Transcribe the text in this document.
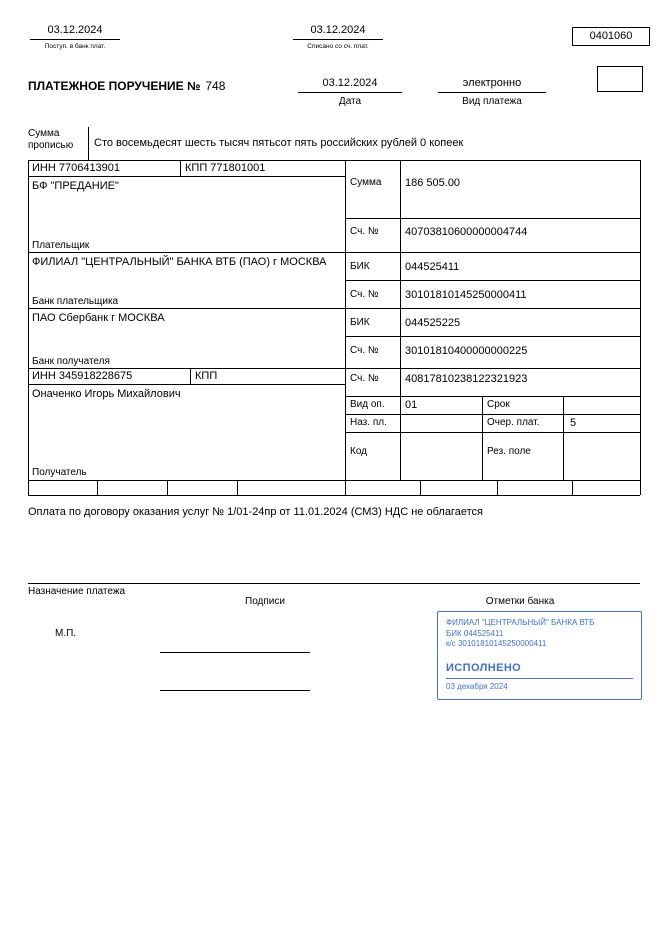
03.12.2024
Поступ. в банк плат.
03.12.2024
Списано со сч. плат.
0401060
ПЛАТЕЖНОЕ ПОРУЧЕНИЕ № 748	03.12.2024
Дата
электронно
Вид платежа
Сумма прописью	Сто восемьдесят шесть тысяч пятьсот пять российских рублей 0 копеек
ИНН 7706413901	КПП 771801001
БФ "ПРЕДАНИЕ"
Плательщик
Сумма 186 505.00
Сч. № 40703810600000004744
ФИЛИАЛ "ЦЕНТРАЛЬНЫЙ" БАНКА ВТБ (ПАО) г МОСКВА
Банк плательщика
БИК	044525411
Сч. № 30101810145250000411
ПАО Сбербанк г МОСКВА
Банк получателя
БИК	044525225
Сч. № 30101810400000000225
ИНН 345918228675	КПП
Оначенко Игорь Михайлович
Получатель
Сч. № 40817810238122321923
Вид оп. 01	Срок
Наз. пл.	Очер. плат.	5
Код	Рез. поле
Оплата по договору оказания услуг № 1/01-24пр от 11.01.2024 (СМЗ) НДС не облагается
Назначение платежа
Подписи	Отметки банка
М.П.
ФИЛИАЛ "ЦЕНТРАЛЬНЫЙ" БАНКА ВТБ
БИК 044525411
к/с 30101810145250000411
ИСПОЛНЕНО
03 декабря 2024
